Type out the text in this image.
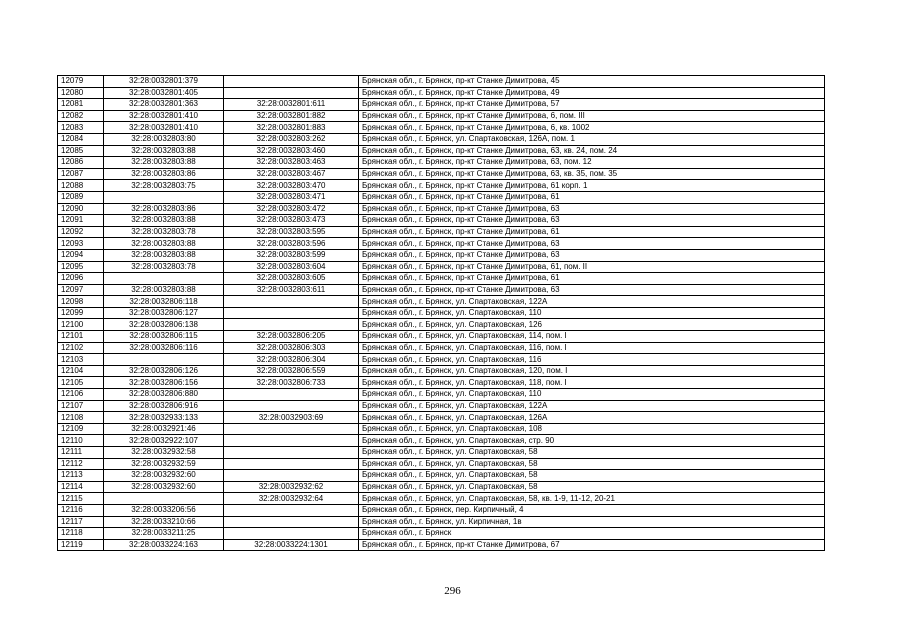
12079	32:28:0032801:379		Брянская обл., г. Брянск, пр-кт Станке Димитрова, 45
12080	32:28:0032801:405		Брянская обл., г. Брянск, пр-кт Станке Димитрова, 49
12081	32:28:0032801:363	32:28:0032801:611	Брянская обл., г. Брянск, пр-кт Станке Димитрова, 57
12082	32:28:0032801:410	32:28:0032801:882	Брянская обл., г. Брянск, пр-кт Станке Димитрова, 6, пом. III
12083	32:28:0032801:410	32:28:0032801:883	Брянская обл., г. Брянск, пр-кт Станке Димитрова, 6, кв. 1002
12084	32:28:0032803:80	32:28:0032803:262	Брянская обл., г. Брянск, ул. Спартаковская, 126А, пом. 1
12085	32:28:0032803:88	32:28:0032803:460	Брянская обл., г. Брянск, пр-кт Станке Димитрова, 63, кв. 24, пом. 24
12086	32:28:0032803:88	32:28:0032803:463	Брянская обл., г. Брянск, пр-кт Станке Димитрова, 63, пом. 12
12087	32:28:0032803:86	32:28:0032803:467	Брянская обл., г. Брянск, пр-кт Станке Димитрова, 63, кв. 35, пом. 35
12088	32:28:0032803:75	32:28:0032803:470	Брянская обл., г. Брянск, пр-кт Станке Димитрова, 61 корп. 1
12089		32:28:0032803:471	Брянская обл., г. Брянск, пр-кт Станке Димитрова, 61
12090	32:28:0032803:86	32:28:0032803:472	Брянская обл., г. Брянск, пр-кт Станке Димитрова, 63
12091	32:28:0032803:88	32:28:0032803:473	Брянская обл., г. Брянск, пр-кт Станке Димитрова, 63
12092	32:28:0032803:78	32:28:0032803:595	Брянская обл., г. Брянск, пр-кт Станке Димитрова, 61
12093	32:28:0032803:88	32:28:0032803:596	Брянская обл., г. Брянск, пр-кт Станке Димитрова, 63
12094	32:28:0032803:88	32:28:0032803:599	Брянская обл., г. Брянск, пр-кт Станке Димитрова, 63
12095	32:28:0032803:78	32:28:0032803:604	Брянская обл., г. Брянск, пр-кт Станке Димитрова, 61, пом. II
12096		32:28:0032803:605	Брянская обл., г. Брянск, пр-кт Станке Димитрова, 61
12097	32:28:0032803:88	32:28:0032803:611	Брянская обл., г. Брянск, пр-кт Станке Димитрова, 63
12098	32:28:0032806:118		Брянская обл., г. Брянск, ул. Спартаковская, 122А
12099	32:28:0032806:127		Брянская обл., г. Брянск, ул. Спартаковская, 110
12100	32:28:0032806:138		Брянская обл., г. Брянск, ул. Спартаковская, 126
12101	32:28:0032806:115	32:28:0032806:205	Брянская обл., г. Брянск, ул. Спартаковская, 114, пом. I
12102	32:28:0032806:116	32:28:0032806:303	Брянская обл., г. Брянск, ул. Спартаковская, 116, пом. I
12103		32:28:0032806:304	Брянская обл., г. Брянск, ул. Спартаковская, 116
12104	32:28:0032806:126	32:28:0032806:559	Брянская обл., г. Брянск, ул. Спартаковская, 120, пом. I
12105	32:28:0032806:156	32:28:0032806:733	Брянская обл., г. Брянск, ул. Спартаковская, 118, пом. I
12106	32:28:0032806:880		Брянская обл., г. Брянск, ул. Спартаковская, 110
12107	32:28:0032806:916		Брянская обл., г. Брянск, ул. Спартаковская, 122А
12108	32:28:0032933:133	32:28:0032903:69	Брянская обл., г. Брянск, ул. Спартаковская, 126А
12109	32:28:0032921:46		Брянская обл., г. Брянск, ул. Спартаковская, 108
12110	32:28:0032922:107		Брянская обл., г. Брянск, ул. Спартаковская, стр. 90
12111	32:28:0032932:58		Брянская обл., г. Брянск, ул. Спартаковская, 58
12112	32:28:0032932:59		Брянская обл., г. Брянск, ул. Спартаковская, 58
12113	32:28:0032932:60		Брянская обл., г. Брянск, ул. Спартаковская, 58
12114	32:28:0032932:60	32:28:0032932:62	Брянская обл., г. Брянск, ул. Спартаковская, 58
12115		32:28:0032932:64	Брянская обл., г. Брянск, ул. Спартаковская, 58, кв. 1-9, 11-12, 20-21
12116	32:28:0033206:56		Брянская обл., г. Брянск, пер. Кирпичный, 4
12117	32:28:0033210:66		Брянская обл., г. Брянск, ул. Кирпичная, 1в
12118	32:28:0033211:25		Брянская обл., г. Брянск
12119	32:28:0033224:163	32:28:0033224:1301	Брянская обл., г. Брянск, пр-кт Станке Димитрова, 67
296
